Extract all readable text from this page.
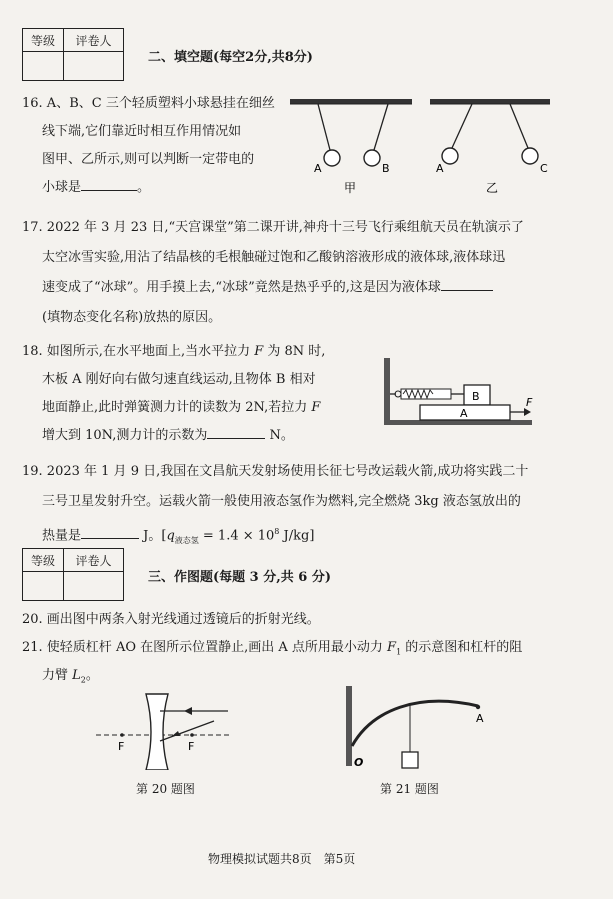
等级	评卷人

二、填空题(每空2分,共8分)
16. A、B、C 三个轻质塑料小球悬挂在细丝
线下端,它们靠近时相互作用情况如
图甲、乙所示,则可以判断一定带电的
小球是	。
A	B
甲
A	C
乙
17. 2022 年 3 月 23 日,“天宫课堂”第二课开讲,神舟十三号飞行乘组航天员在轨演示了
太空冰雪实验,用沾了结晶核的毛根触碰过饱和乙酸钠溶液形成的液体球,液体球迅
速变成了“冰球”。用手摸上去,“冰球”竟然是热乎乎的,这是因为液体球
(填物态变化名称)放热的原因。
18. 如图所示,在水平地面上,当水平拉力 F 为 8N 时,
木板 A 刚好向右做匀速直线运动,且物体 B 相对
地面静止,此时弹簧测力计的读数为 2N,若拉力 F
增大到 10N,测力计的示数为	N。
B
A
F
19. 2023 年 1 月 9 日,我国在文昌航天发射场使用长征七号改运载火箭,成功将实践二十
三号卫星发射升空。运载火箭一般使用液态氢作为燃料,完全燃烧 3kg 液态氢放出的
热量是	J。[$q_{液态氢} = 1.4 \times 10^8$ J/kg]
等级	评卷人

三、作图题(每题 3 分,共 6 分)
20. 画出图中两条入射光线通过透镜后的折射光线。
21. 使轻质杠杆 AO 在图所示位置静止,画出 A 点所用最小动力 $F_1$ 的示意图和杠杆的阻
力臂 $L_2$。
F	F
第 20 题图
A
O
第 21 题图
物理模拟试题共8页　第5页
